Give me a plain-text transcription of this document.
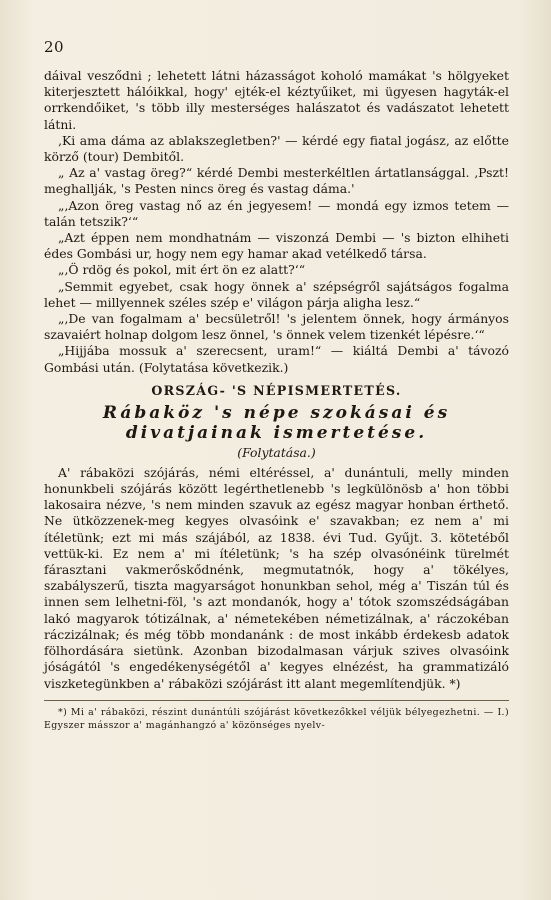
20

dáival vesződni ; lehetett látni házasságot koholó mamákat 's hölgyeket kiterjesztett hálóikkal, hogy' ejték-el kéztyűiket, mi ügyesen hagyták-el orrkendőiket, 's több illy mesterséges halászatot és vadászatot lehetett látni.

‚Ki ama dáma az ablakszegletben?' — kérdé egy fiatal jogász, az előtte körző (tour) Dembitől.

„ Az a' vastag öreg?“ kérdé Dembi mesterkéltlen ártatlansággal. ‚Pszt! meghallják, 's Pesten nincs öreg és vastag dáma.'

„‚Azon öreg vastag nő az én jegyesem! — mondá egy izmos tetem — talán tetszik?‘“

„Azt éppen nem mondhatnám — viszonzá Dembi — 's bizton elhiheti édes Gombási ur, hogy nem egy hamar akad vetélkedő társa.

„‚Ö rdög és pokol, mit ért ön ez alatt?‘“

„Semmit egyebet, csak hogy önnek a' szépségről sajátságos fogalma lehet — millyennek széles szép e' világon párja aligha lesz.“

„‚De van fogalmam a' becsületről! 's jelentem önnek, hogy ármányos szavaiért holnap dolgom lesz önnel, 's önnek velem tizenkét lépésre.‘“

„Hijjába mossuk a' szerecsent, uram!“ — kiáltá Dembi a' távozó Gombási után. (Folytatása következik.)

ORSZÁG- 'S NÉPISMERTETÉS.
Rábaköz 's népe szokásai és
divatjainak ismertetése.
(Folytatása.)

A' rábaközi szójárás, némi eltéréssel, a' dunántuli, melly minden honunkbeli szójárás között legérthetlenebb 's legkülönösb a' hon többi lakosaira nézve, 's nem minden szavuk az egész magyar honban érthető. Ne ütközzenek-meg kegyes olvasóink e' szavakban; ez nem a' mi ítéletünk; ezt mi más szájából, az 1838. évi Tud. Gyűjt. 3. kötetéből vettük-ki. Ez nem a' mi ítéletünk; 's ha szép olvasónéink türelmét fárasztani vakmerőskődnénk, megmutatnók, hogy a' tökélyes, szabályszerű, tiszta magyarságot honunkban sehol, még a' Tiszán túl és innen sem lelhetni-föl, 's azt mondanók, hogy a' tótok szomszédságában lakó magyarok tótizálnak, a' németekében németizálnak, a' ráczokéban ráczizálnak; és még több mondanánk : de most inkább érdekesb adatok fölhordására sietünk. Azonban bizodalmasan várjuk szives olvasóink jóságától 's engedékenységétől a' kegyes elnézést, ha grammatizáló viszketegünkben a' rábaközi szójárást itt alant megemlítendjük. *)

*) Mi a' rábaközi, részint dunántúli szójárást következőkkel véljük bélyegezhetni. — I.) Egyszer másszor a' magánhangzó a' közönséges nyelv-
